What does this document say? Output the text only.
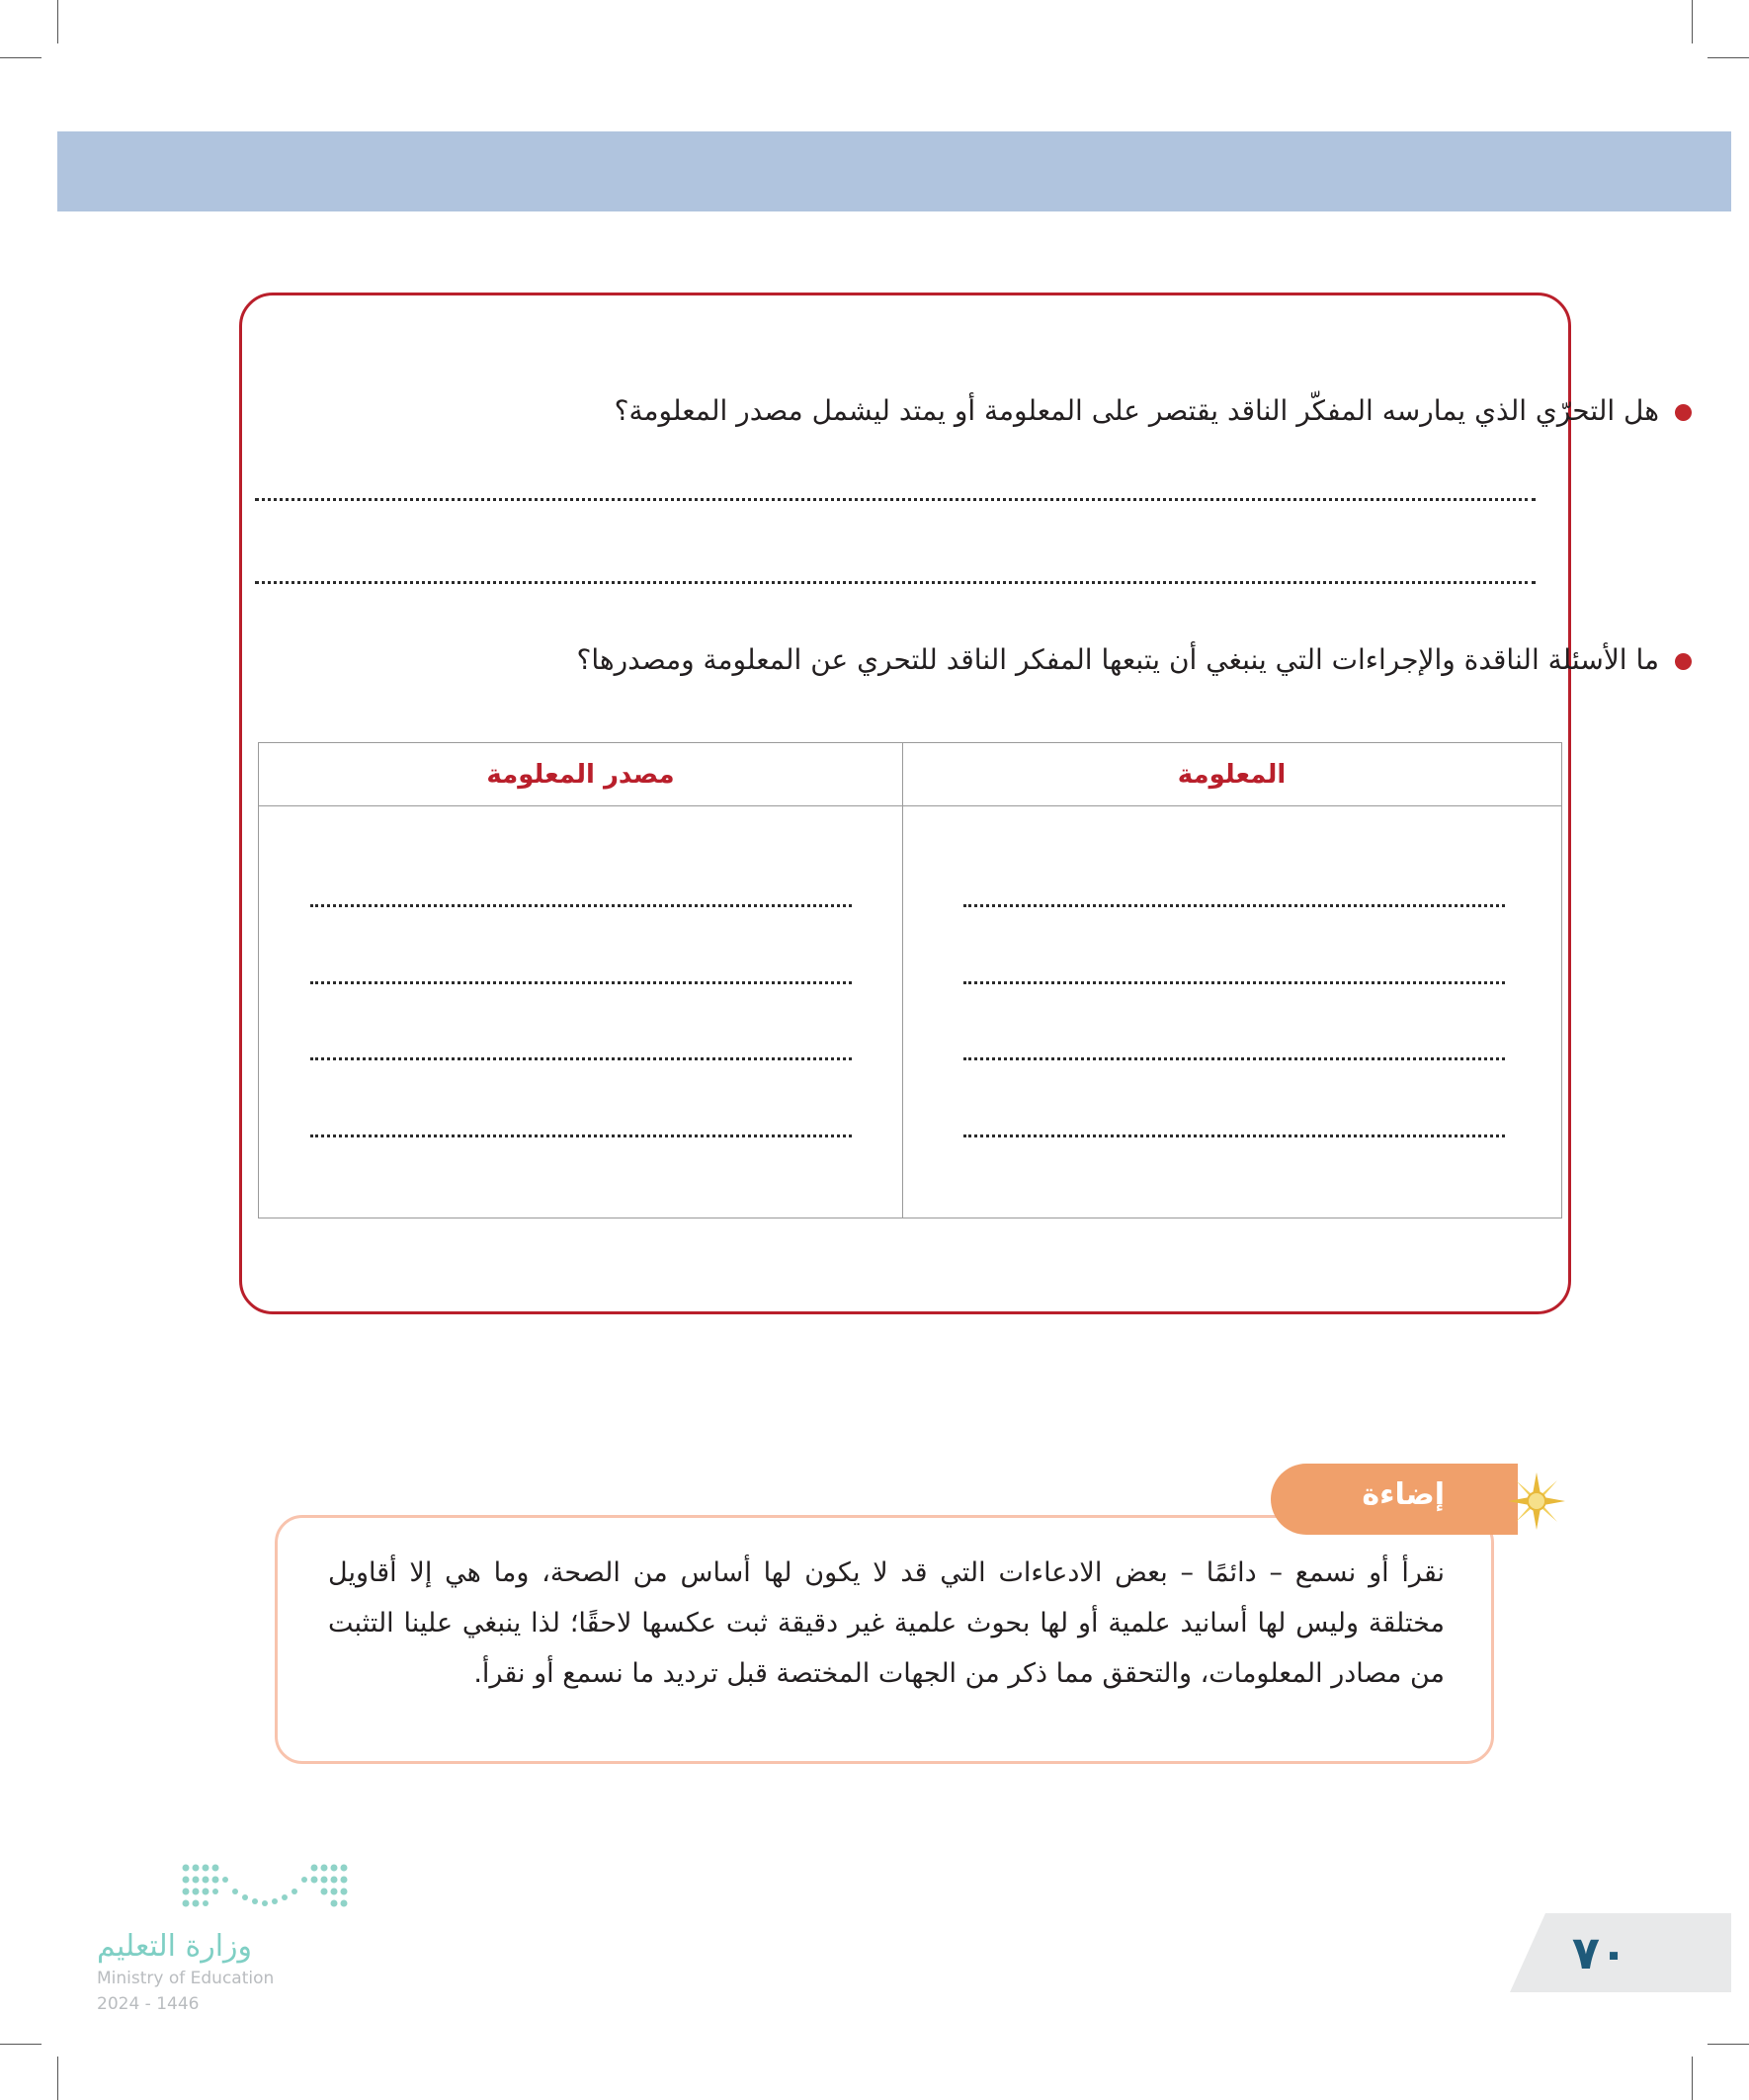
هل التحرّي الذي يمارسه المفكّر الناقد يقتصر على المعلومة أو يمتد ليشمل مصدر المعلومة؟
ما الأسئلة الناقدة والإجراءات التي ينبغي أن يتبعها المفكر الناقد للتحري عن المعلومة ومصدرها؟
المعلومة
مصدر المعلومة
إضاءة
نقرأ أو نسمع – دائمًا – بعض الادعاءات التي قد لا يكون لها أساس من الصحة، وما هي إلا أقاويل مختلقة وليس لها أسانيد علمية أو لها بحوث علمية غير دقيقة ثبت عكسها لاحقًا؛ لذا ينبغي علينا التثبت من مصادر المعلومات، والتحقق مما ذكر من الجهات المختصة قبل ترديد ما نسمع أو نقرأ.
وزارة التعليم
Ministry of Education
2024 - 1446
٧٠
